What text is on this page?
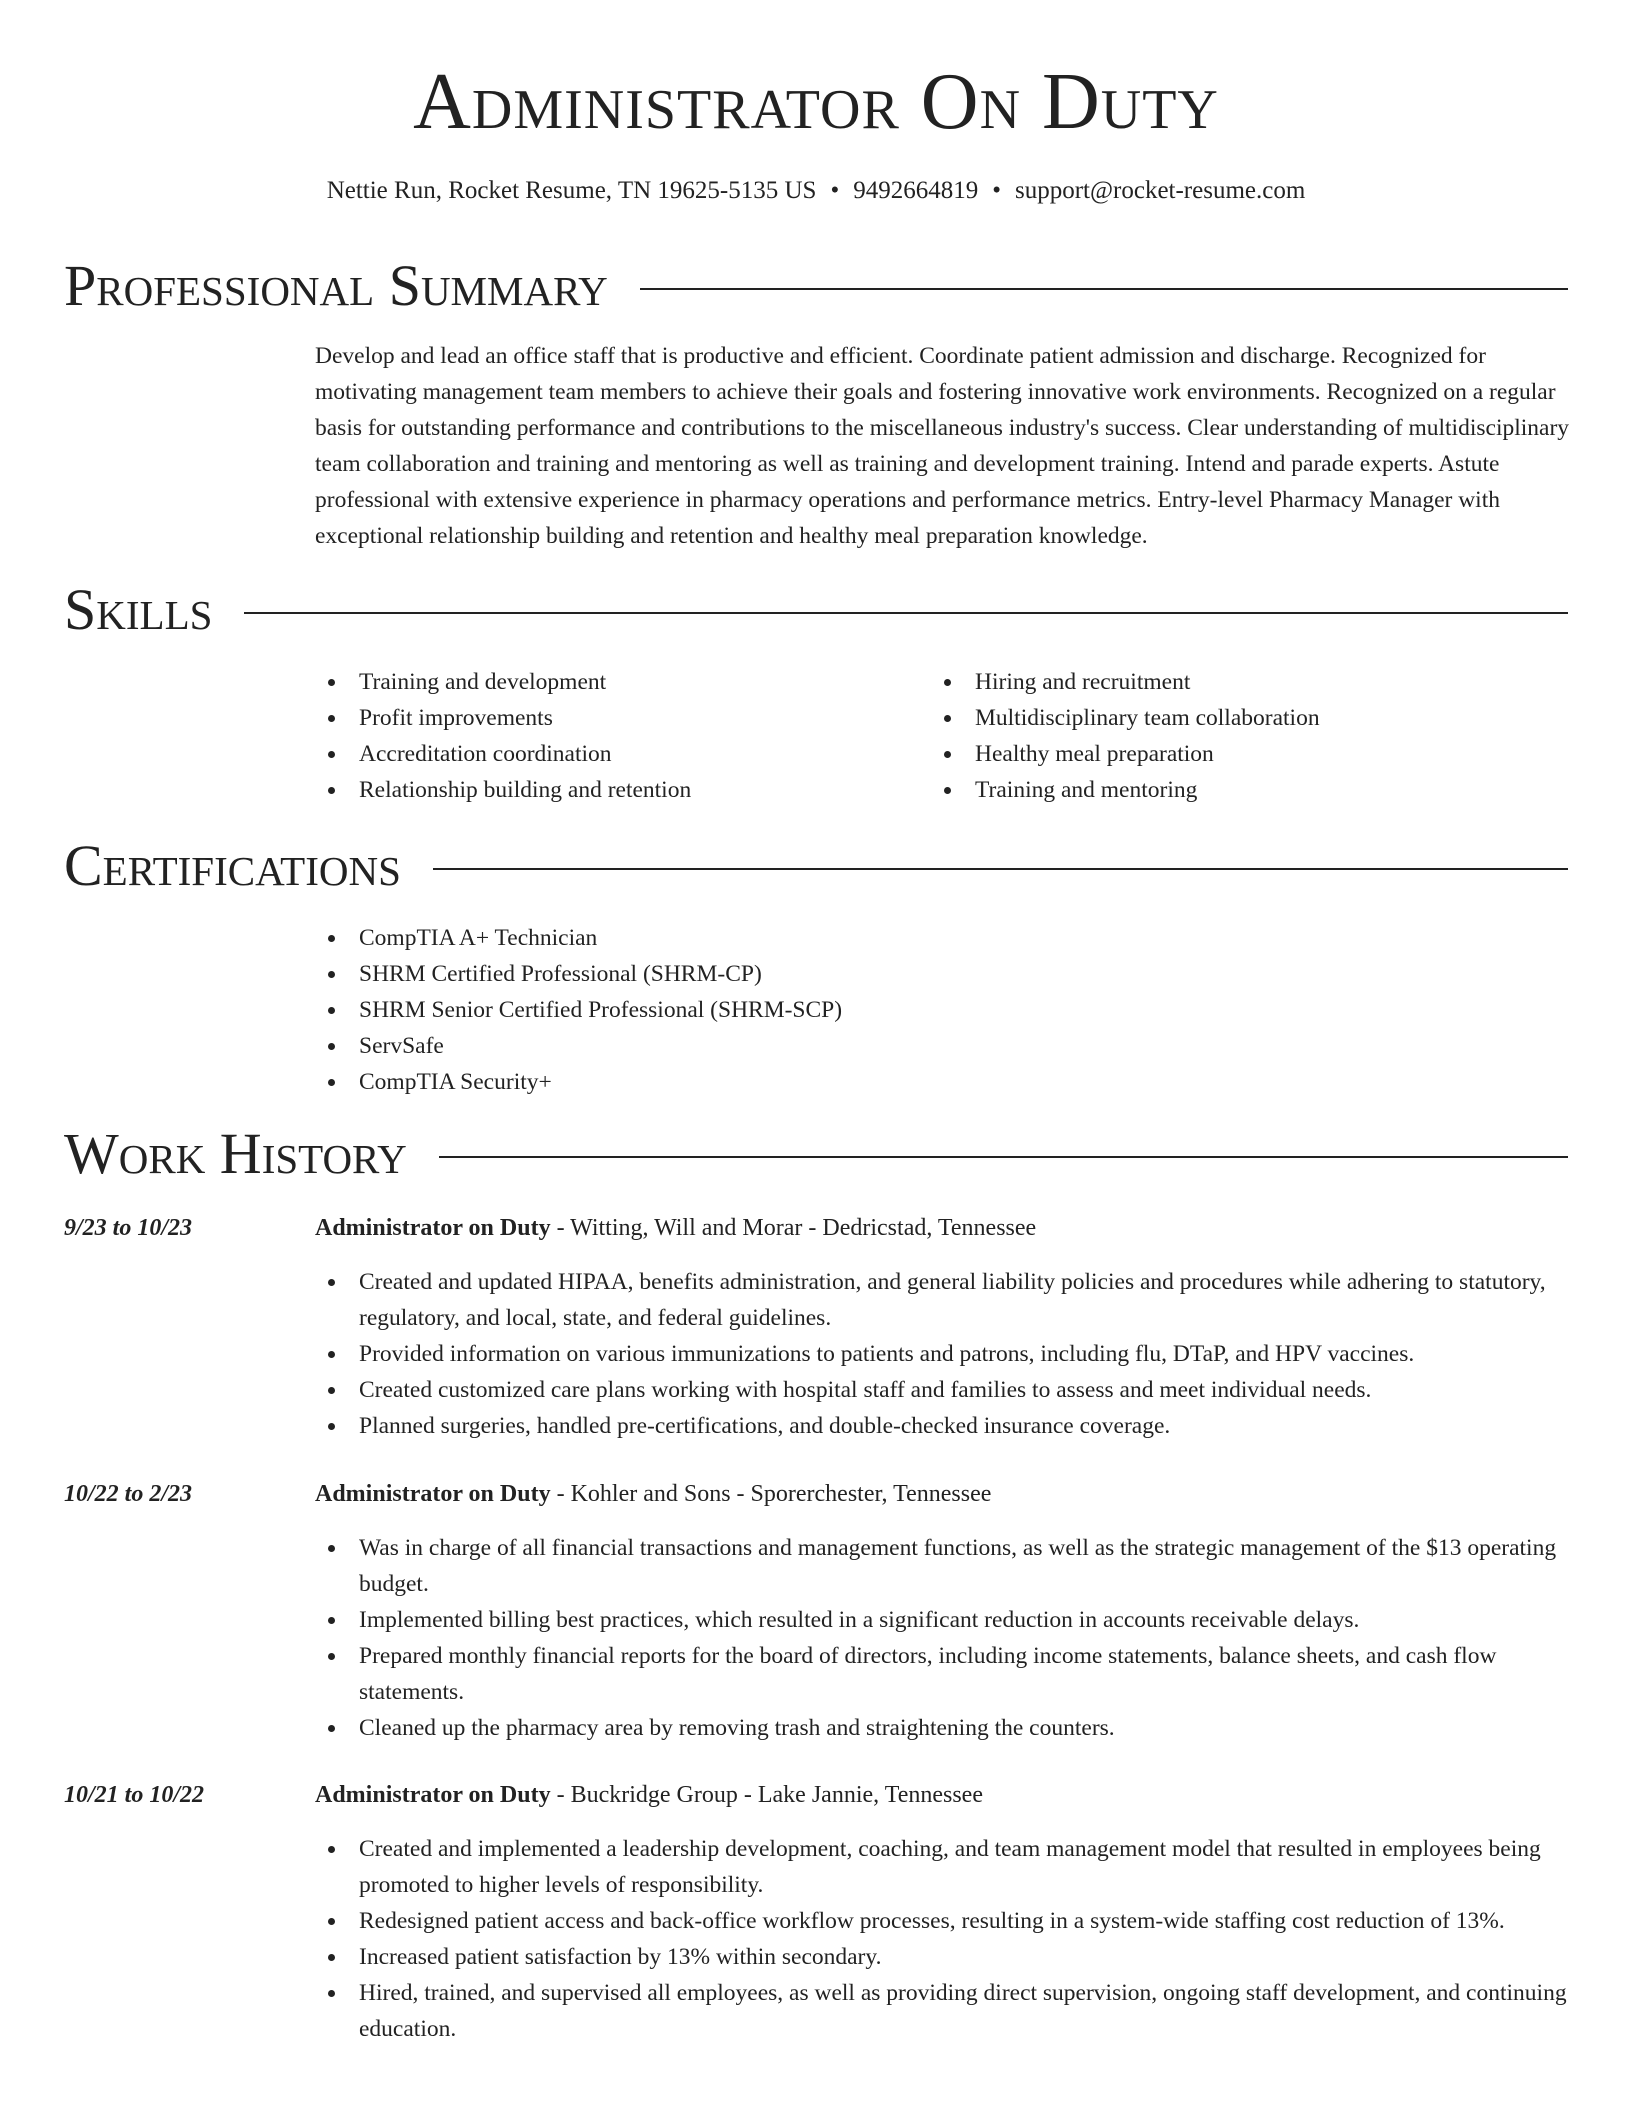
Administrator On Duty
Nettie Run, Rocket Resume, TN 19625-5135 US • 9492664819 • support@rocket-resume.com
Professional Summary

Develop and lead an office staff that is productive and efficient. Coordinate patient admission and discharge. Recognized for motivating management team members to achieve their goals and fostering innovative work environments. Recognized on a regular basis for outstanding performance and contributions to the miscellaneous industry's success. Clear understanding of multidisciplinary team collaboration and training and mentoring as well as training and development training. Intend and parade experts. Astute professional with extensive experience in pharmacy operations and performance metrics. Entry-level Pharmacy Manager with exceptional relationship building and retention and healthy meal preparation knowledge.

Skills
Training and development
Profit improvements
Accreditation coordination
Relationship building and retention
Hiring and recruitment
Multidisciplinary team collaboration
Healthy meal preparation
Training and mentoring
Certifications
CompTIA A+ Technician
SHRM Certified Professional (SHRM-CP)
SHRM Senior Certified Professional (SHRM-SCP)
ServSafe
CompTIA Security+
Work History
9/23 to 10/23	Administrator on Duty - Witting, Will and Morar - Dedricstad, Tennessee
Created and updated HIPAA, benefits administration, and general liability policies and procedures while adhering to statutory, regulatory, and local, state, and federal guidelines.
Provided information on various immunizations to patients and patrons, including flu, DTaP, and HPV vaccines.
Created customized care plans working with hospital staff and families to assess and meet individual needs.
Planned surgeries, handled pre-certifications, and double-checked insurance coverage.
10/22 to 2/23	Administrator on Duty - Kohler and Sons - Sporerchester, Tennessee
Was in charge of all financial transactions and management functions, as well as the strategic management of the $13 operating budget.
Implemented billing best practices, which resulted in a significant reduction in accounts receivable delays.
Prepared monthly financial reports for the board of directors, including income statements, balance sheets, and cash flow statements.
Cleaned up the pharmacy area by removing trash and straightening the counters.
10/21 to 10/22	Administrator on Duty - Buckridge Group - Lake Jannie, Tennessee
Created and implemented a leadership development, coaching, and team management model that resulted in employees being promoted to higher levels of responsibility.
Redesigned patient access and back-office workflow processes, resulting in a system-wide staffing cost reduction of 13%.
Increased patient satisfaction by 13% within secondary.
Hired, trained, and supervised all employees, as well as providing direct supervision, ongoing staff development, and continuing education.
